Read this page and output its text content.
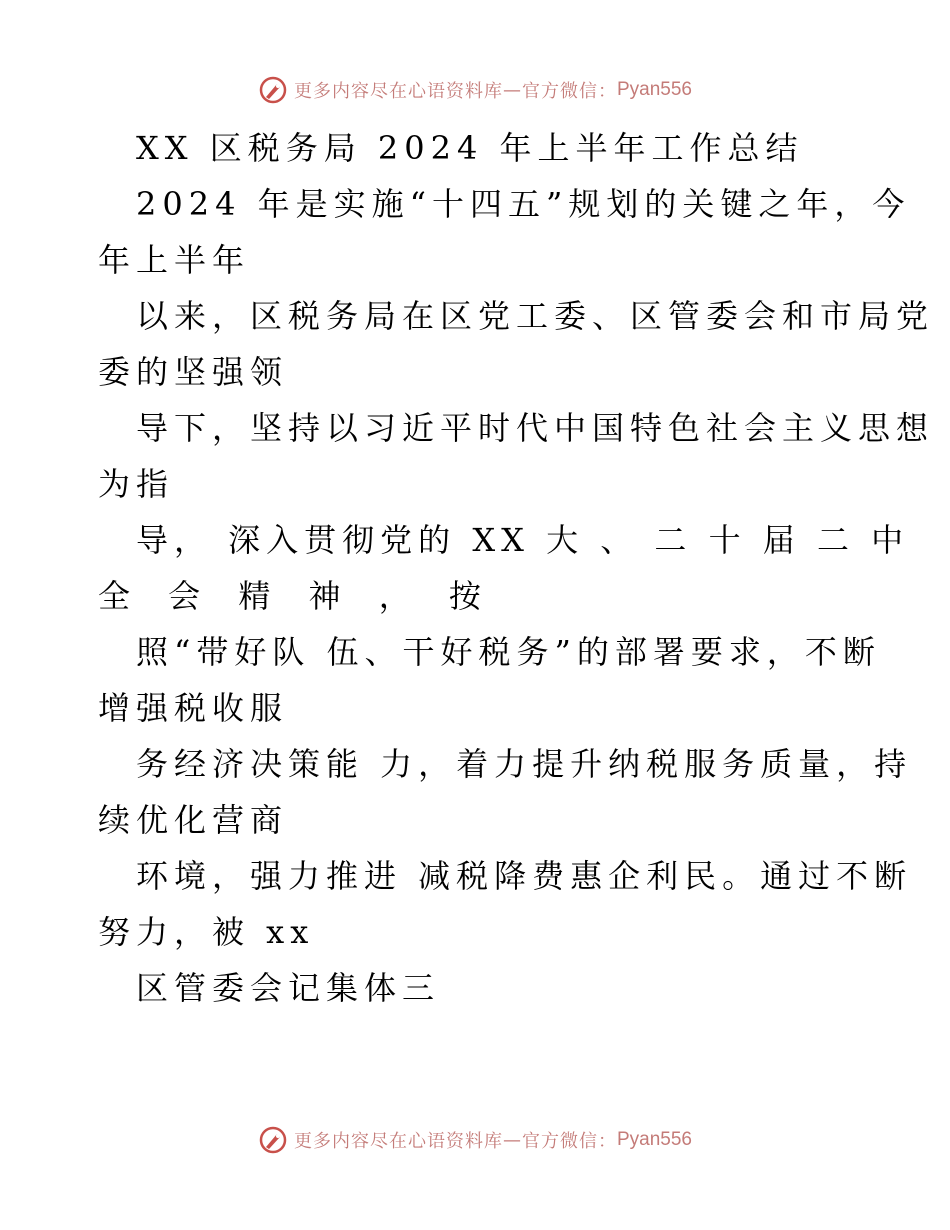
更多内容尽在心语资料库 — 官方微信： Pyan556
XX 区税务局 2024 年上半年工作总结
2024 年是实施“十四五”规划的关键之年，今
年上半年
以来，区税务局在区党工委、区管委会和市局党
委的坚强领
导下，坚持以习近平时代中国特色社会主义思想
为指
导， 深入贯彻党的 XX 大 、 二 十 届 二 中
全 会 精 神 ， 按
照“带好队 伍、干好税务”的部署要求，不断
增强税收服
务经济决策能 力，着力提升纳税服务质量，持
续优化营商
环境，强力推进 减税降费惠企利民。通过不断
努力，被 xx
区管委会记集体三
更多内容尽在心语资料库 — 官方微信： Pyan556
